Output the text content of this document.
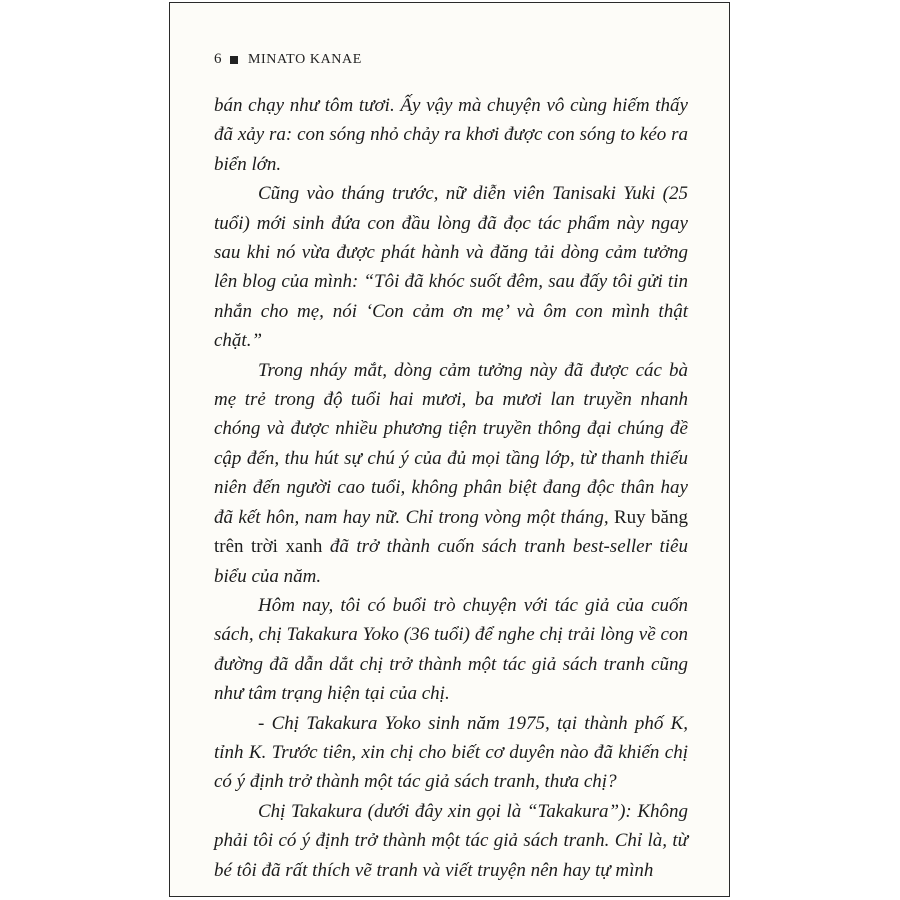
6 MINATO KANAE

bán chạy như tôm tươi. Ấy vậy mà chuyện vô cùng hiếm thấy đã xảy ra: con sóng nhỏ chảy ra khơi được con sóng to kéo ra biển lớn.

Cũng vào tháng trước, nữ diễn viên Tanisaki Yuki (25 tuổi) mới sinh đứa con đầu lòng đã đọc tác phẩm này ngay sau khi nó vừa được phát hành và đăng tải dòng cảm tưởng lên blog của mình: “Tôi đã khóc suốt đêm, sau đấy tôi gửi tin nhắn cho mẹ, nói ‘Con cảm ơn mẹ’ và ôm con mình thật chặt.”

Trong nháy mắt, dòng cảm tưởng này đã được các bà mẹ trẻ trong độ tuổi hai mươi, ba mươi lan truyền nhanh chóng và được nhiều phương tiện truyền thông đại chúng đề cập đến, thu hút sự chú ý của đủ mọi tầng lớp, từ thanh thiếu niên đến người cao tuổi, không phân biệt đang độc thân hay đã kết hôn, nam hay nữ. Chỉ trong vòng một tháng, Ruy băng trên trời xanh đã trở thành cuốn sách tranh best-seller tiêu biểu của năm.

Hôm nay, tôi có buổi trò chuyện với tác giả của cuốn sách, chị Takakura Yoko (36 tuổi) để nghe chị trải lòng về con đường đã dẫn dắt chị trở thành một tác giả sách tranh cũng như tâm trạng hiện tại của chị.

- Chị Takakura Yoko sinh năm 1975, tại thành phố K, tỉnh K. Trước tiên, xin chị cho biết cơ duyên nào đã khiến chị có ý định trở thành một tác giả sách tranh, thưa chị?

Chị Takakura (dưới đây xin gọi là “Takakura”): Không phải tôi có ý định trở thành một tác giả sách tranh. Chỉ là, từ bé tôi đã rất thích vẽ tranh và viết truyện nên hay tự mình
